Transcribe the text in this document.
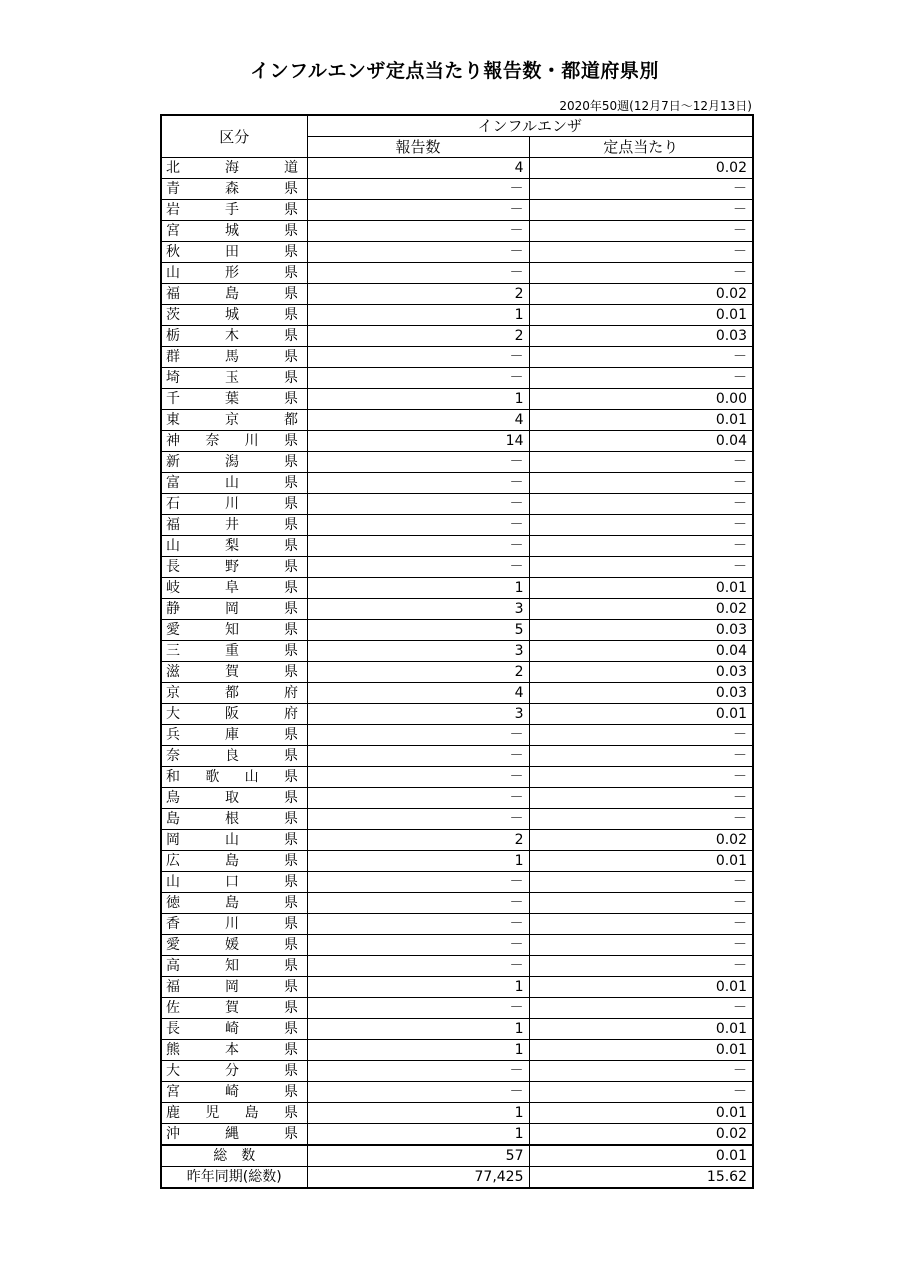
インフルエンザ定点当たり報告数・都道府県別
2020年50週(12月7日～12月13日)
区分	インフルエンザ	
	報告数	定点当たり

北 海 道	4	0.02

青 森 県	－	－

岩 手 県	－	－

宮 城 県	－	－

秋 田 県	－	－

山 形 県	－	－

福 島 県	2	0.02

茨 城 県	1	0.01

栃 木 県	2	0.03

群 馬 県	－	－

埼 玉 県	－	－

千 葉 県	1	0.00

東 京 都	4	0.01

神 奈 川 県	14	0.04

新 潟 県	－	－

富 山 県	－	－

石 川 県	－	－

福 井 県	－	－

山 梨 県	－	－

長 野 県	－	－

岐 阜 県	1	0.01

静 岡 県	3	0.02

愛 知 県	5	0.03

三 重 県	3	0.04

滋 賀 県	2	0.03

京 都 府	4	0.03

大 阪 府	3	0.01

兵 庫 県	－	－

奈 良 県	－	－

和 歌 山 県	－	－

鳥 取 県	－	－

島 根 県	－	－

岡 山 県	2	0.02

広 島 県	1	0.01

山 口 県	－	－

徳 島 県	－	－

香 川 県	－	－

愛 媛 県	－	－

高 知 県	－	－

福 岡 県	1	0.01

佐 賀 県	－	－

長 崎 県	1	0.01

熊 本 県	1	0.01

大 分 県	－	－

宮 崎 県	－	－

鹿 児 島 県	1	0.01

沖 縄 県	1	0.02
総　数	57	0.01
昨年同期(総数)	77,425	15.62
